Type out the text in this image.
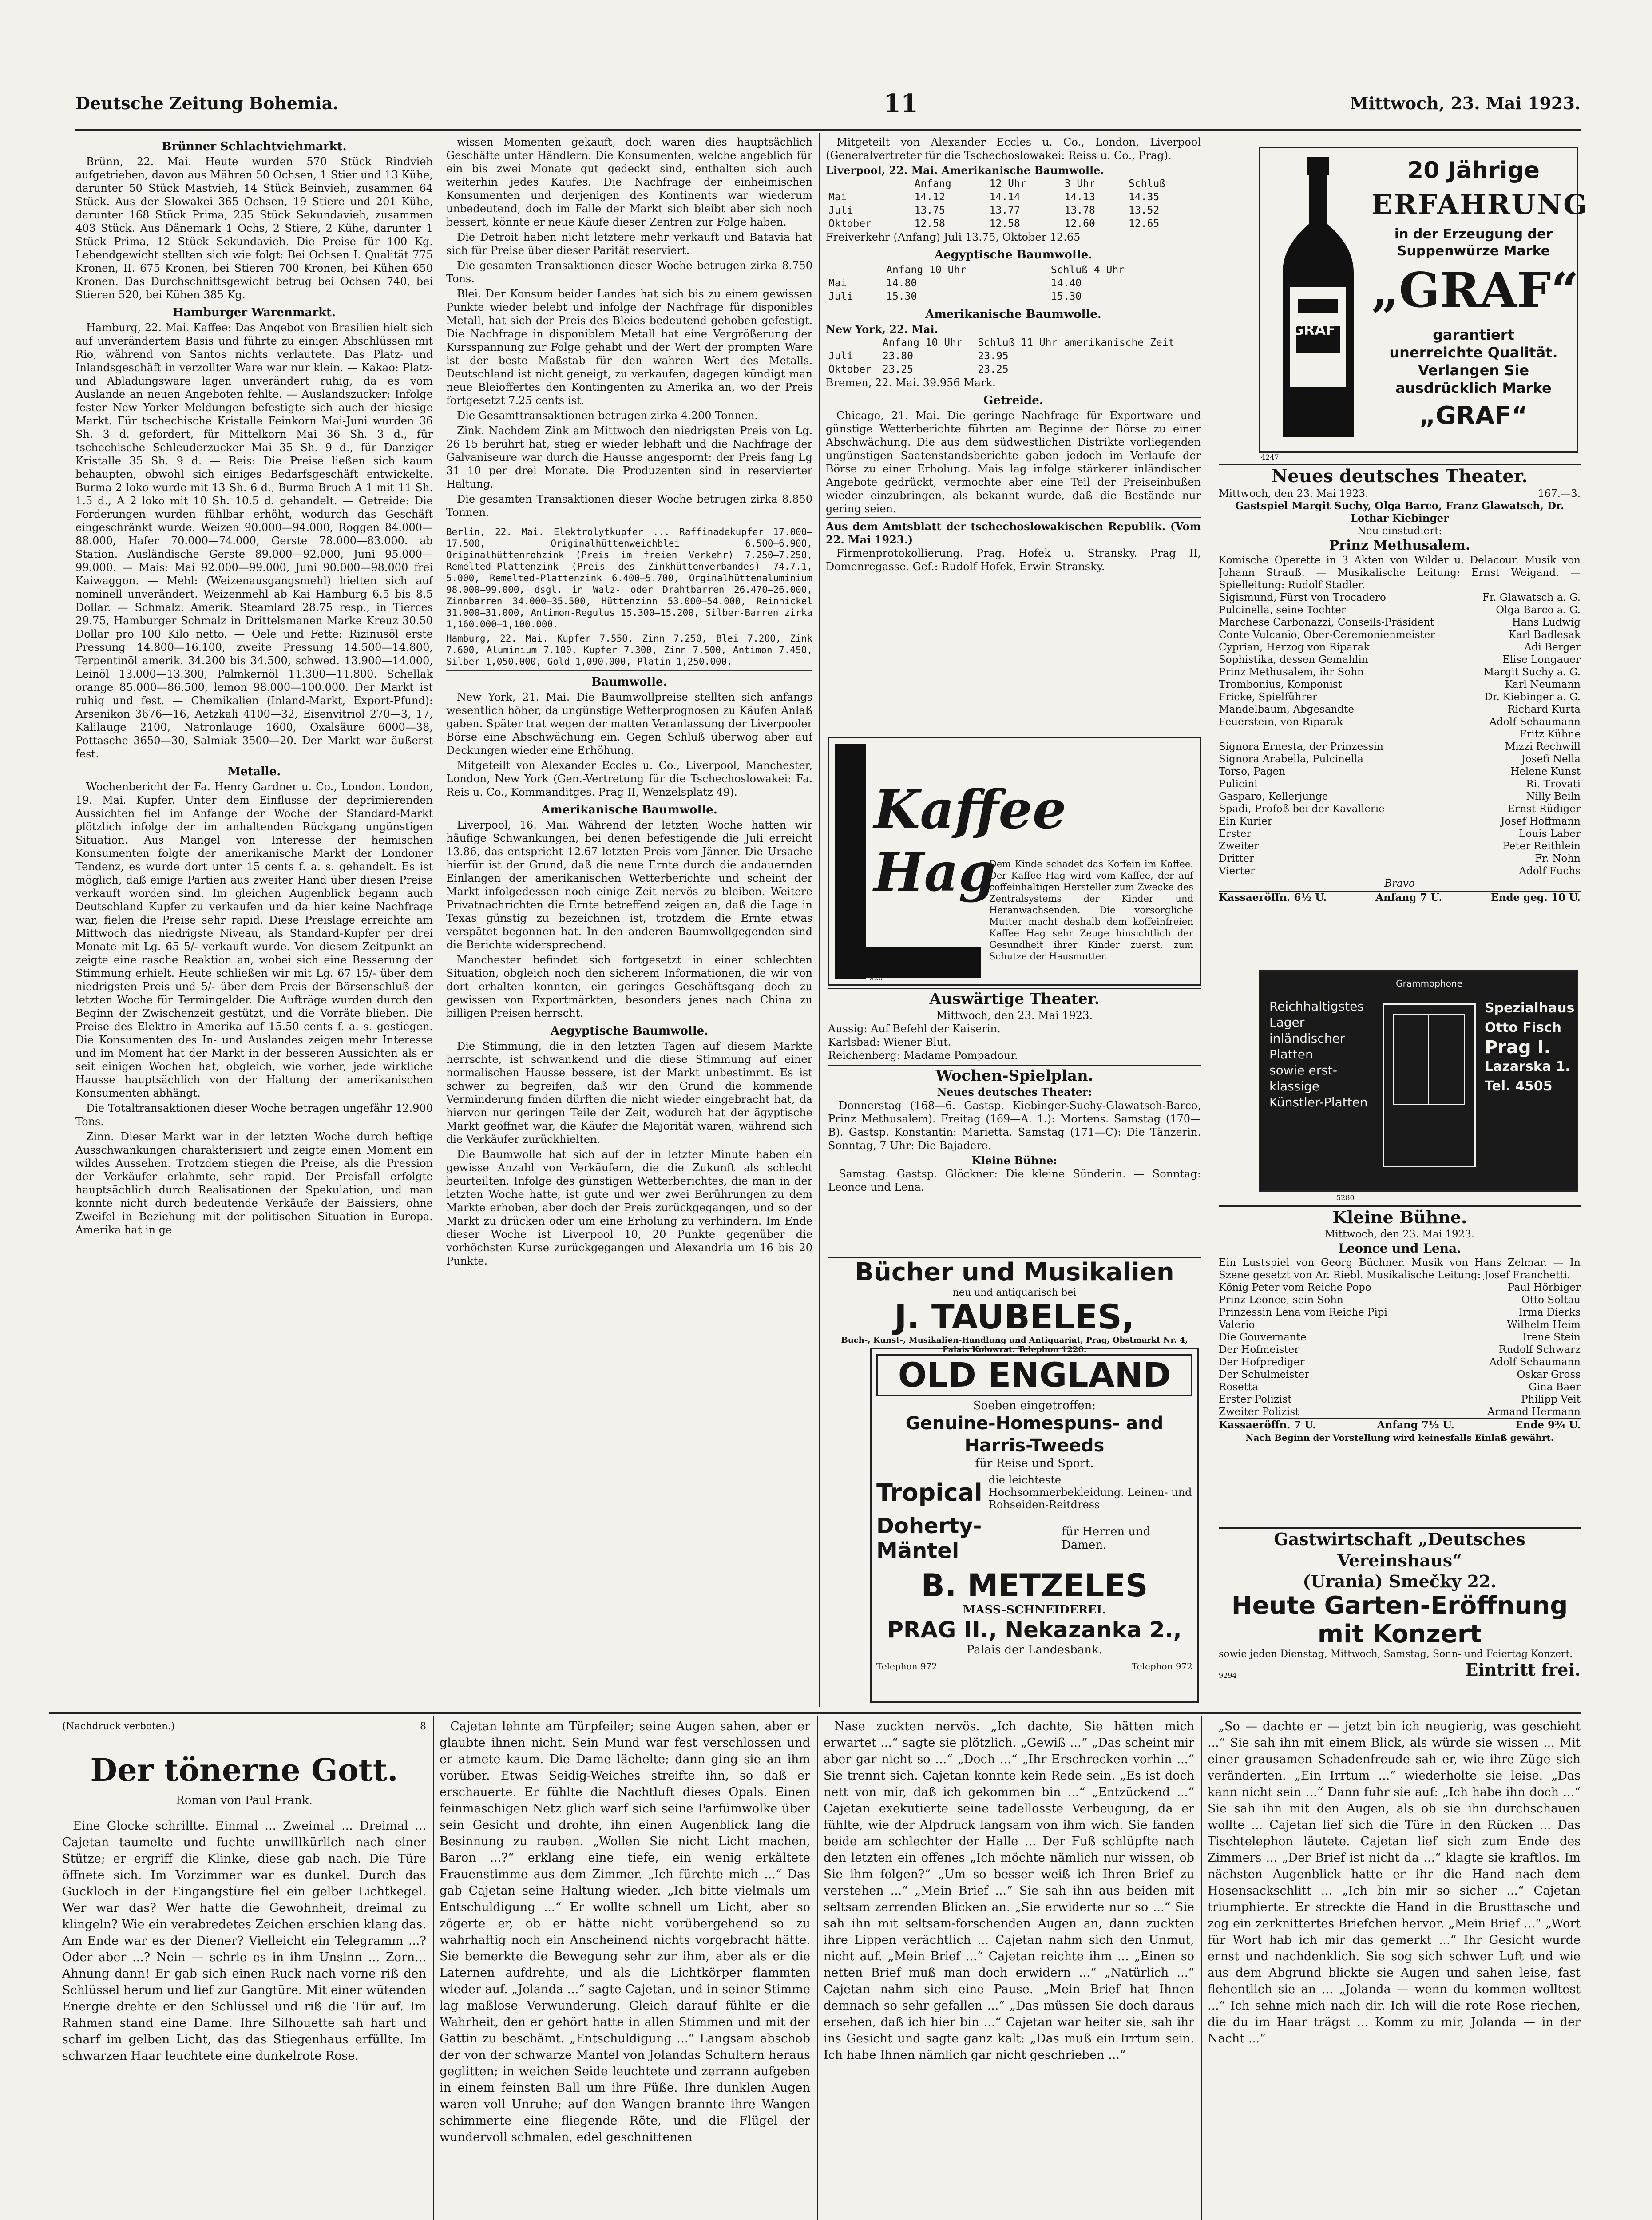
Deutsche Zeitung Bohemia.	11	Mittwoch, 23. Mai 1923.
Brünner Schlachtviehmarkt.

Brünn, 22. Mai. Heute wurden 570 Stück Rindvieh aufgetrieben, davon aus Mähren 50 Ochsen, 1 Stier und 13 Kühe, darunter 50 Stück Mastvieh, 14 Stück Beinvieh, zusammen 64 Stück. Aus der Slowakei 365 Ochsen, 19 Stiere und 201 Kühe, darunter 168 Stück Prima, 235 Stück Sekundavieh, zusammen 403 Stück. Aus Dänemark 1 Ochs, 2 Stiere, 2 Kühe, darunter 1 Stück Prima, 12 Stück Sekundavieh. Die Preise für 100 Kg. Lebendgewicht stellten sich wie folgt: Bei Ochsen I. Qualität 775 Kronen, II. 675 Kronen, bei Stieren 700 Kronen, bei Kühen 650 Kronen. Das Durchschnittsgewicht betrug bei Ochsen 740, bei Stieren 520, bei Kühen 385 Kg.

Hamburger Warenmarkt.

Hamburg, 22. Mai. Kaffee: Das Angebot von Brasilien hielt sich auf unverändertem Basis und führte zu einigen Abschlüssen mit Rio, während von Santos nichts verlautete. Das Platz- und Inlandsgeschäft in verzollter Ware war nur klein. — Kakao: Platz- und Abladungsware lagen unverändert ruhig, da es vom Auslande an neuen Angeboten fehlte. — Auslandszucker: Infolge fester New Yorker Meldungen befestigte sich auch der hiesige Markt. Für tschechische Kristalle Feinkorn Mai-Juni wurden 36 Sh. 3 d. gefordert, für Mittelkorn Mai 36 Sh. 3 d., für tschechische Schleuderzucker Mai 35 Sh. 9 d., für Danziger Kristalle 35 Sh. 9 d. — Reis: Die Preise ließen sich kaum behaupten, obwohl sich einiges Bedarfsgeschäft entwickelte. Burma 2 loko wurde mit 13 Sh. 6 d., Burma Bruch A 1 mit 11 Sh. 1.5 d., A 2 loko mit 10 Sh. 10.5 d. gehandelt. — Getreide: Die Forderungen wurden fühlbar erhöht, wodurch das Geschäft eingeschränkt wurde. Weizen 90.000—94.000, Roggen 84.000—88.000, Hafer 70.000—74.000, Gerste 78.000—83.000. ab Station. Ausländische Gerste 89.000—92.000, Juni 95.000—99.000. — Mais: Mai 92.000—99.000, Juni 90.000—98.000 frei Kaiwaggon. — Mehl: (Weizenausgangsmehl) hielten sich auf nominell unverändert. Weizenmehl ab Kai Hamburg 6.5 bis 8.5 Dollar. — Schmalz: Amerik. Steamlard 28.75 resp., in Tierces 29.75, Hamburger Schmalz in Drittelsmanen Marke Kreuz 30.50 Dollar pro 100 Kilo netto. — Oele und Fette: Rizinusöl erste Pressung 14.800—16.100, zweite Pressung 14.500—14.800, Terpentinöl amerik. 34.200 bis 34.500, schwed. 13.900—14.000, Leinöl 13.000—13.300, Palmkernöl 11.300—11.800. Schellak orange 85.000—86.500, lemon 98.000—100.000. Der Markt ist ruhig und fest. — Chemikalien (Inland-Markt, Export-Pfund): Arsenikon 3676—16, Aetzkali 4100—32, Eisenvitriol 270—3, 17, Kalilauge 2100, Natronlauge 1600, Oxalsäure 6000—38, Pottasche 3650—30, Salmiak 3500—20. Der Markt war äußerst fest.

Metalle.

Wochenbericht der Fa. Henry Gardner u. Co., London. London, 19. Mai. Kupfer. Unter dem Einflusse der deprimierenden Aussichten fiel im Anfange der Woche der Standard-Markt plötzlich infolge der im anhaltenden Rückgang ungünstigen Situation. Aus Mangel von Interesse der heimischen Konsumenten folgte der amerikanische Markt der Londoner Tendenz, es wurde dort unter 15 cents f. a. s. gehandelt. Es ist möglich, daß einige Partien aus zweiter Hand über diesen Preise verkauft worden sind. Im gleichen Augenblick begann auch Deutschland Kupfer zu verkaufen und da hier keine Nachfrage war, fielen die Preise sehr rapid. Diese Preislage erreichte am Mittwoch das niedrigste Niveau, als Standard-Kupfer per drei Monate mit Lg. 65 5/- verkauft wurde. Von diesem Zeitpunkt an zeigte eine rasche Reaktion an, wobei sich eine Besserung der Stimmung erhielt. Heute schließen wir mit Lg. 67 15/- über dem niedrigsten Preis und 5/- über dem Preis der Börsenschluß der letzten Woche für Termingelder. Die Aufträge wurden durch den Beginn der Zwischenzeit gestützt, und die Vorräte blieben. Die Preise des Elektro in Amerika auf 15.50 cents f. a. s. gestiegen. Die Konsumenten des In- und Auslandes zeigen mehr Interesse und im Moment hat der Markt in der besseren Aussichten als er seit einigen Wochen hat, obgleich, wie vorher, jede wirkliche Hausse hauptsächlich von der Haltung der amerikanischen Konsumenten abhängt.

Die Totaltransaktionen dieser Woche betragen ungefähr 12.900 Tons.

Zinn. Dieser Markt war in der letzten Woche durch heftige Ausschwankungen charakterisiert und zeigte einen Moment ein wildes Aussehen. Trotzdem stiegen die Preise, als die Pression der Verkäufer erlahmte, sehr rapid. Der Preisfall erfolgte hauptsächlich durch Realisationen der Spekulation, und man konnte nicht durch bedeutende Verkäufe der Baissiers, ohne Zweifel in Beziehung mit der politischen Situation in Europa. Amerika hat in ge

wissen Momenten gekauft, doch waren dies hauptsächlich Geschäfte unter Händlern. Die Konsumenten, welche angeblich für ein bis zwei Monate gut gedeckt sind, enthalten sich auch weiterhin jedes Kaufes. Die Nachfrage der einheimischen Konsumenten und derjenigen des Kontinents war wiederum unbedeutend, doch im Falle der Markt sich bleibt aber sich noch bessert, könnte er neue Käufe dieser Zentren zur Folge haben.

Die Detroit haben nicht letztere mehr verkauft und Batavia hat sich für Preise über dieser Parität reserviert.

Die gesamten Transaktionen dieser Woche betrugen zirka 8.750 Tons.

Blei. Der Konsum beider Landes hat sich bis zu einem gewissen Punkte wieder belebt und infolge der Nachfrage für disponibles Metall, hat sich der Preis des Bleies bedeutend gehoben gefestigt. Die Nachfrage in disponiblem Metall hat eine Vergrößerung der Kursspannung zur Folge gehabt und der Wert der prompten Ware ist der beste Maßstab für den wahren Wert des Metalls. Deutschland ist nicht geneigt, zu verkaufen, dagegen kündigt man neue Bleioffertes den Kontingenten zu Amerika an, wo der Preis fortgesetzt 7.25 cents ist.

Die Gesamttransaktionen betrugen zirka 4.200 Tonnen.

Zink. Nachdem Zink am Mittwoch den niedrigsten Preis von Lg. 26 15 berührt hat, stieg er wieder lebhaft und die Nachfrage der Galvaniseure war durch die Hausse angespornt: der Preis fang Lg 31 10 per drei Monate. Die Produzenten sind in reservierter Haltung.

Die gesamten Transaktionen dieser Woche betrugen zirka 8.850 Tonnen.

Berlin, 22. Mai. Elektrolytkupfer ... Raffinadekupfer 17.000—17.500, Originalhüttenweichblei 6.500—6.900, Originalhüttenrohzink (Preis im freien Verkehr) 7.250—7.250, Remelted-Plattenzink (Preis des Zinkhüttenverbandes) 74.7.1, 5.000, Remelted-Plattenzink 6.400—5.700, Orginalhüttenaluminium 98.000—99.000, dsgl. in Walz- oder Drahtbarren 26.470—26.000, Zinnbarren 34.000—35.500, Hüttenzinn 53.000—54.000, Reinnickel 31.000—31.000, Antimon-Regulus 15.300—15.200, Silber-Barren zirka 1,160.000—1,100.000.
Hamburg, 22. Mai. Kupfer 7.550, Zinn 7.250, Blei 7.200, Zink 7.600, Aluminium 7.100, Kupfer 7.300, Zinn 7.500, Antimon 7.450, Silber 1,050.000, Gold 1,090.000, Platin 1,250.000.
Baumwolle.

New York, 21. Mai. Die Baumwollpreise stellten sich anfangs wesentlich höher, da ungünstige Wetterprognosen zu Käufen Anlaß gaben. Später trat wegen der matten Veranlassung der Liverpooler Börse eine Abschwächung ein. Gegen Schluß überwog aber auf Deckungen wieder eine Erhöhung.

Mitgeteilt von Alexander Eccles u. Co., Liverpool, Manchester, London, New York (Gen.-Vertretung für die Tschechoslowakei: Fa. Reis u. Co., Kommanditges. Prag II, Wenzelsplatz 49).

Amerikanische Baumwolle.

Liverpool, 16. Mai. Während der letzten Woche hatten wir häufige Schwankungen, bei denen befestigende die Juli erreicht 13.86, das entspricht 12.67 letzten Preis vom Jänner. Die Ursache hierfür ist der Grund, daß die neue Ernte durch die andauernden Einlangen der amerikanischen Wetterberichte und scheint der Markt infolgedessen noch einige Zeit nervös zu bleiben. Weitere Privatnachrichten die Ernte betreffend zeigen an, daß die Lage in Texas günstig zu bezeichnen ist, trotzdem die Ernte etwas verspätet begonnen hat. In den anderen Baumwollgegenden sind die Berichte widersprechend.

Manchester befindet sich fortgesetzt in einer schlechten Situation, obgleich noch den sicherem Informationen, die wir von dort erhalten konnten, ein geringes Geschäftsgang doch zu gewissen von Exportmärkten, besonders jenes nach China zu billigen Preisen herrscht.

Aegyptische Baumwolle.

Die Stimmung, die in den letzten Tagen auf diesem Markte herrschte, ist schwankend und die diese Stimmung auf einer normalischen Hausse bessere, ist der Markt unbestimmt. Es ist schwer zu begreifen, daß wir den Grund die kommende Verminderung finden dürften die nicht wieder eingebracht hat, da hiervon nur geringen Teile der Zeit, wodurch hat der ägyptische Markt geöffnet war, die Käufer die Majorität waren, während sich die Verkäufer zurückhielten.

Die Baumwolle hat sich auf der in letzter Minute haben ein gewisse Anzahl von Verkäufern, die die Zukunft als schlecht beurteilten. Infolge des günstigen Wetterberichtes, die man in der letzten Woche hatte, ist gute und wer zwei Berührungen zu dem Markte erhoben, aber doch der Preis zurückgegangen, und so der Markt zu drücken oder um eine Erholung zu verhindern. Im Ende dieser Woche ist Liverpool 10, 20 Punkte gegenüber die vorhöchsten Kurse zurückgegangen und Alexandria um 16 bis 20 Punkte.

Mitgeteilt von Alexander Eccles u. Co., London, Liverpool (Generalvertreter für die Tschechoslowakei: Reiss u. Co., Prag).

Liverpool, 22. Mai. Amerikanische Baumwolle.
	Anfang	12 Uhr	3 Uhr	Schluß
Mai	14.12	14.14	14.13	14.35
Juli	13.75	13.77	13.78	13.52
Oktober	12.58	12.58	12.60	12.65
Freiverkehr (Anfang) Juli 13.75, Oktober 12.65
Aegyptische Baumwolle.
	Anfang 10 Uhr	Schluß 4 Uhr
Mai	14.80	14.40
Juli	15.30	15.30
Amerikanische Baumwolle.
New York, 22. Mai.
	Anfang 10 Uhr	Schluß 11 Uhr amerikanische Zeit
Juli	23.80	23.95
Oktober	23.25	23.25
Bremen, 22. Mai. 39.956 Mark.
Getreide.

Chicago, 21. Mai. Die geringe Nachfrage für Exportware und günstige Wetterberichte führten am Beginne der Börse zu einer Abschwächung. Die aus dem südwestlichen Distrikte vorliegenden ungünstigen Saatenstandsberichte gaben jedoch im Verlaufe der Börse zu einer Erholung. Mais lag infolge stärkerer inländischer Angebote gedrückt, vermochte aber eine Teil der Preiseinbußen wieder einzubringen, als bekannt wurde, daß die Bestände nur gering seien.

Aus dem Amtsblatt der tschechoslowakischen Republik. (Vom 22. Mai 1923.)

Firmenprotokollierung. Prag. Hofek u. Stransky. Prag II, Domenregasse. Gef.: Rudolf Hofek, Erwin Stransky.

Kaffee Hag
Dem Kinde schadet das Koffein im Kaffee. Der Kaffee Hag wird vom Kaffee, der auf coffeinhaltigen Hersteller zum Zwecke des Zentralsystems der Kinder und Heranwachsenden. Die vorsorgliche Mutter macht deshalb dem koffeinfreien Kaffee Hag sehr Zeuge hinsichtlich der Gesundheit ihrer Kinder zuerst, zum Schutze der Hausmutter.
928
Auswärtige Theater.
Mittwoch, den 23. Mai 1923.
Aussig: Auf Befehl der Kaiserin.
Karlsbad: Wiener Blut.
Reichenberg: Madame Pompadour.
Wochen-Spielplan.
Neues deutsches Theater:

Donnerstag (168—6. Gastsp. Kiebinger-Suchy-Glawatsch-Barco, Prinz Methusalem). Freitag (169—A. 1.): Mortens. Samstag (170—B). Gastsp. Konstantin: Marietta. Samstag (171—C): Die Tänzerin. Sonntag, 7 Uhr: Die Bajadere.

Kleine Bühne:

Samstag. Gastsp. Glöckner: Die kleine Sünderin. — Sonntag: Leonce und Lena.

Bücher und Musikalien
neu und antiquarisch bei
J. TAUBELES,
Buch-, Kunst-, Musikalien-Handlung und Antiquariat, Prag, Obstmarkt Nr. 4, Palais Kolowrat. Telephon 1220.
OLD ENGLAND
Soeben eingetroffen:
Genuine-Homespuns- and Harris-Tweeds
für Reise und Sport.
Tropical die leichteste Hochsommerbekleidung. Leinen- und Rohseiden-Reitdress
Doherty-Mäntel
für Herren und Damen.
B. METZELES
MASS-SCHNEIDEREI.
PRAG II., Nekazanka 2.,
Palais der Landesbank.
Telephon 972	Telephon 972
GRAF
20 Jährige
ERFAHRUNG
in der Erzeugung der Suppenwürze Marke
„GRAF“
garantiert
unerreichte Qualität.
Verlangen Sie
ausdrücklich Marke
„GRAF“
4247
Neues deutsches Theater.
Mittwoch, den 23. Mai 1923.	167.—3.
Gastspiel Margit Suchy, Olga Barco, Franz Glawatsch, Dr. Lothar Kiebinger
Neu einstudiert:
Prinz Methusalem.
Komische Operette in 3 Akten von Wilder u. Delacour. Musik von Johann Strauß. — Musikalische Leitung: Ernst Weigand. — Spielleitung: Rudolf Stadler.
Sigismund, Fürst von Trocadero	Fr. Glawatsch a. G.
Pulcinella, seine Tochter	Olga Barco a. G.
Marchese Carbonazzi, Conseils-Präsident	Hans Ludwig
Conte Vulcanio, Ober-Ceremonienmeister	Karl Badlesak
Cyprian, Herzog von Riparak	Adi Berger
Sophistika, dessen Gemahlin	Elise Longauer
Prinz Methusalem, ihr Sohn	Margit Suchy a. G.
Trombonius, Komponist	Karl Neumann
Fricke, Spielführer	Dr. Kiebinger a. G.
Mandelbaum, Abgesandte	Richard Kurta
Feuerstein, von Riparak	Adolf Schaumann
Fritz Kühne
Signora Ernesta, der Prinzessin	Mizzi Rechwill
Signora Arabella, Pulcinella	Josefi Nella
Torso, Pagen	Helene Kunst
Pulicini	Ri. Trovati
Gasparo, Kellerjunge	Nilly Beiln
Spadi, Profoß bei der Kavallerie	Ernst Rüdiger
Ein Kurier	Josef Hoffmann
Erster	Louis Laber
Zweiter	Peter Reithlein
Dritter	Fr. Nohn
Vierter	Adolf Fuchs
Bravo
Kassaeröffn. 6½ U.	Anfang 7 U.	Ende geg. 10 U.
Grammophone
Reichhaltigstes Lager inländischer Platten
sowie erst-klassige Künstler-Platten
Spezialhaus
Otto Fisch
Prag I.
Lazarska 1.
Tel. 4505
5280
Kleine Bühne.
Mittwoch, den 23. Mai 1923.
Leonce und Lena.
Ein Lustspiel von Georg Büchner. Musik von Hans Zelmar. — In Szene gesetzt von Ar. Riebl. Musikalische Leitung: Josef Franchetti.
König Peter vom Reiche Popo	Paul Hörbiger
Prinz Leonce, sein Sohn	Otto Soltau
Prinzessin Lena vom Reiche Pipi	Irma Dierks
Valerio	Wilhelm Heim
Die Gouvernante	Irene Stein
Der Hofmeister	Rudolf Schwarz
Der Hofprediger	Adolf Schaumann
Der Schulmeister	Oskar Gross
Rosetta	Gina Baer
Erster Polizist	Philipp Veit
Zweiter Polizist	Armand Hermann
Kassaeröffn. 7 U.	Anfang 7½ U.	Ende 9¾ U.
Nach Beginn der Vorstellung wird keinesfalls Einlaß gewährt.
Gastwirtschaft „Deutsches Vereinshaus“
(Urania) Smečky 22.
Heute Garten-Eröffnung
mit Konzert
sowie jeden Dienstag, Mittwoch, Samstag, Sonn- und Feiertag Konzert.
9294	Eintritt frei.
(Nachdruck verboten.)	8
Der tönerne Gott.
Roman von Paul Frank.

Eine Glocke schrillte. Einmal ... Zweimal ... Dreimal ... Cajetan taumelte und fuchte unwillkürlich nach einer Stütze; er ergriff die Klinke, diese gab nach. Die Türe öffnete sich. Im Vorzimmer war es dunkel. Durch das Guckloch in der Eingangstüre fiel ein gelber Lichtkegel. Wer war das? Wer hatte die Gewohnheit, dreimal zu klingeln? Wie ein verabredetes Zeichen erschien klang das. Am Ende war es der Diener? Vielleicht ein Telegramm ...? Oder aber ...? Nein — schrie es in ihm Unsinn ... Zorn... Ahnung dann! Er gab sich einen Ruck nach vorne riß den Schlüssel herum und lief zur Gangtüre. Mit einer wütenden Energie drehte er den Schlüssel und riß die Tür auf. Im Rahmen stand eine Dame. Ihre Silhouette sah hart und scharf im gelben Licht, das das Stiegenhaus erfüllte. Im schwarzen Haar leuchtete eine dunkelrote Rose.

Cajetan lehnte am Türpfeiler; seine Augen sahen, aber er glaubte ihnen nicht. Sein Mund war fest verschlossen und er atmete kaum. Die Dame lächelte; dann ging sie an ihm vorüber. Etwas Seidig-Weiches streifte ihn, so daß er erschauerte. Er fühlte die Nachtluft dieses Opals. Einen feinmaschigen Netz glich warf sich seine Parfümwolke über sein Gesicht und drohte, ihn einen Augenblick lang die Besinnung zu rauben. „Wollen Sie nicht Licht machen, Baron ...?“ erklang eine tiefe, ein wenig erkältete Frauenstimme aus dem Zimmer. „Ich fürchte mich ...“ Das gab Cajetan seine Haltung wieder. „Ich bitte vielmals um Entschuldigung ...“ Er wollte schnell um Licht, aber so zögerte er, ob er hätte nicht vorübergehend so zu wahrhaftig noch ein Anscheinend nichts vorgebracht hätte. Sie bemerkte die Bewegung sehr zur ihm, aber als er die Laternen aufdrehte, und als die Lichtkörper flammten wieder auf. „Jolanda ...“ sagte Cajetan, und in seiner Stimme lag maßlose Verwunderung. Gleich darauf fühlte er die Wahrheit, den er gehört hatte in allen Stimmen und mit der Gattin zu beschämt. „Entschuldigung ...“ Langsam abschob der von der schwarze Mantel von Jolandas Schultern heraus geglitten; in weichen Seide leuchtete und zerrann aufgeben in einem feinsten Ball um ihre Füße. Ihre dunklen Augen waren voll Unruhe; auf den Wangen brannte ihre Wangen schimmerte eine fliegende Röte, und die Flügel der wundervoll schmalen, edel geschnittenen

Nase zuckten nervös. „Ich dachte, Sie hätten mich erwartet ...“ sagte sie plötzlich. „Gewiß ...“ „Das scheint mir aber gar nicht so ...“ „Doch ...“ „Ihr Erschrecken vorhin ...“ Sie trennt sich. Cajetan konnte kein Rede sein. „Es ist doch nett von mir, daß ich gekommen bin ...“ „Entzückend ...“ Cajetan exekutierte seine tadellosste Verbeugung, da er fühlte, wie der Alpdruck langsam von ihm wich. Sie fanden beide am schlechter der Halle ... Der Fuß schlüpfte nach den letzten ein offenes „Ich möchte nämlich nur wissen, ob Sie ihm folgen?“ „Um so besser weiß ich Ihren Brief zu verstehen ...“ „Mein Brief ...“ Sie sah ihn aus beiden mit seltsam zerrenden Blicken an. „Sie erwiderte nur so ...“ Sie sah ihn mit seltsam-forschenden Augen an, dann zuckten ihre Lippen verächtlich ... Cajetan nahm sich den Unmut, nicht auf. „Mein Brief ...“ Cajetan reichte ihm ... „Einen so netten Brief muß man doch erwidern ...“ „Natürlich ...“ Cajetan nahm sich eine Pause. „Mein Brief hat Ihnen demnach so sehr gefallen ...“ „Das müssen Sie doch daraus ersehen, daß ich hier bin ...“ Cajetan war heiter sie, sah ihr ins Gesicht und sagte ganz kalt: „Das muß ein Irrtum sein. Ich habe Ihnen nämlich gar nicht geschrieben ...“

„So — dachte er — jetzt bin ich neugierig, was geschieht ...“ Sie sah ihn mit einem Blick, als würde sie wissen ... Mit einer grausamen Schadenfreude sah er, wie ihre Züge sich veränderten. „Ein Irrtum ...“ wiederholte sie leise. „Das kann nicht sein ...“ Dann fuhr sie auf: „Ich habe ihn doch ...“ Sie sah ihn mit den Augen, als ob sie ihn durchschauen wollte ... Cajetan lief sich die Türe in den Rücken ... Das Tischtelephon läutete. Cajetan lief sich zum Ende des Zimmers ... „Der Brief ist nicht da ...“ klagte sie kraftlos. Im nächsten Augenblick hatte er ihr die Hand nach dem Hosensackschlitt ... „Ich bin mir so sicher ...“ Cajetan triumphierte. Er streckte die Hand in die Brusttasche und zog ein zerknittertes Briefchen hervor. „Mein Brief ...“ „Wort für Wort hab ich mir das gemerkt ...“ Ihr Gesicht wurde ernst und nachdenklich. Sie sog sich schwer Luft und wie aus dem Abgrund blickte sie Augen und sahen leise, fast flehentlich sie an ... „Jolanda — wenn du kommen wolltest ...“ Ich sehne mich nach dir. Ich will die rote Rose riechen, die du im Haar trägst ... Komm zu mir, Jolanda — in der Nacht ...“
